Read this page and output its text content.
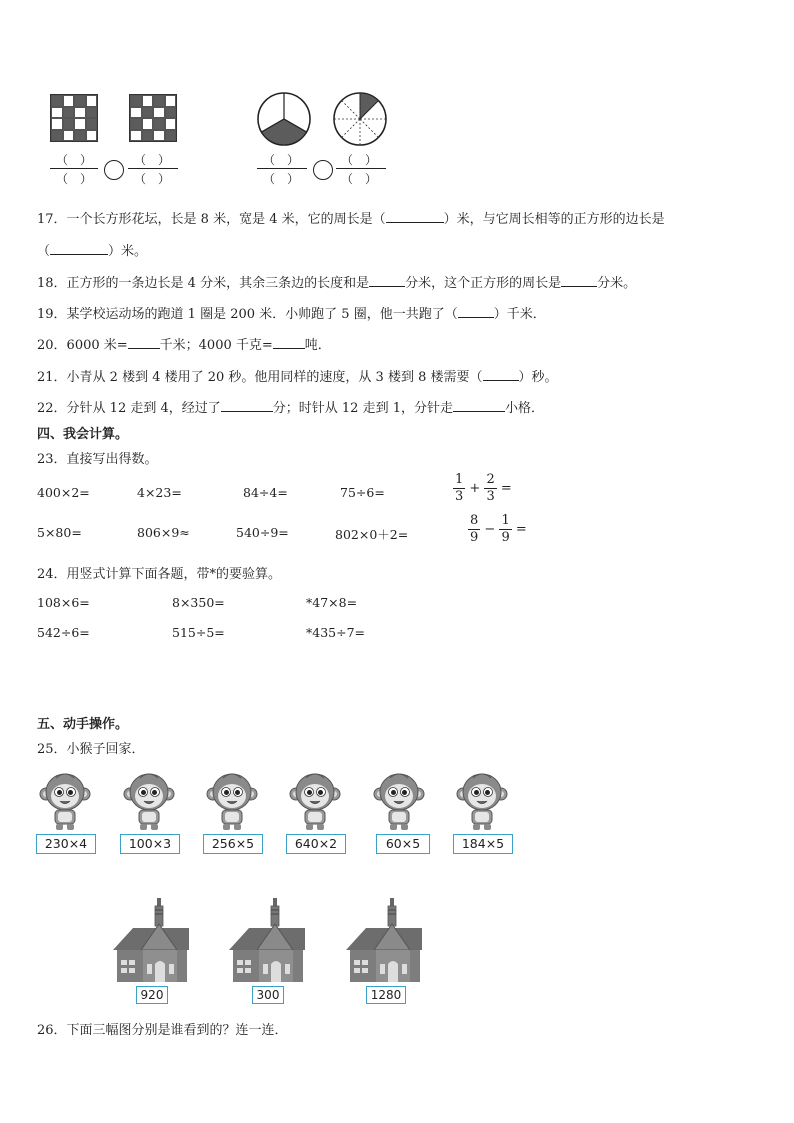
（　）
（　）
（　）
（　）
（　）
（　）
（　）
（　）
17．一个长方形花坛，长是 8 米，宽是 4 米，它的周长是（	）米，与它周长相等的正方形的边长是
（	）米。
18．正方形的一条边长是 4 分米，其余三条边的长度和是	分米，这个正方形的周长是	分米。
19．某学校运动场的跑道 1 圈是 200 米．小帅跑了 5 圈，他一共跑了（	）千米．
20．6000 米= 千米；4000 千克= 吨．
21．小青从 2 楼到 4 楼用了 20 秒。他用同样的速度，从 3 楼到 8 楼需要（	）秒。
22．分针从 12 走到 4，经过了	分；时针从 12 走到 1，分针走	小格．
四、我会计算。
23．直接写出得数。
400×2=	4×23=	84÷4=	75÷6=	$\frac{1}{3} + \frac{2}{3}$ =
5×80=	806×9≈	540÷9=	802×0＋2=	$\frac{8}{9} - \frac{1}{9}$ =
24．用竖式计算下面各题，带*的要验算。
108×6=	8×350=	*47×8=
542÷6=	515÷5=	*435÷7=
五、动手操作。
25．小猴子回家．
230×4	100×3	256×5	640×2	60×5	184×5
920	300	1280
26．下面三幅图分别是谁看到的？连一连．
